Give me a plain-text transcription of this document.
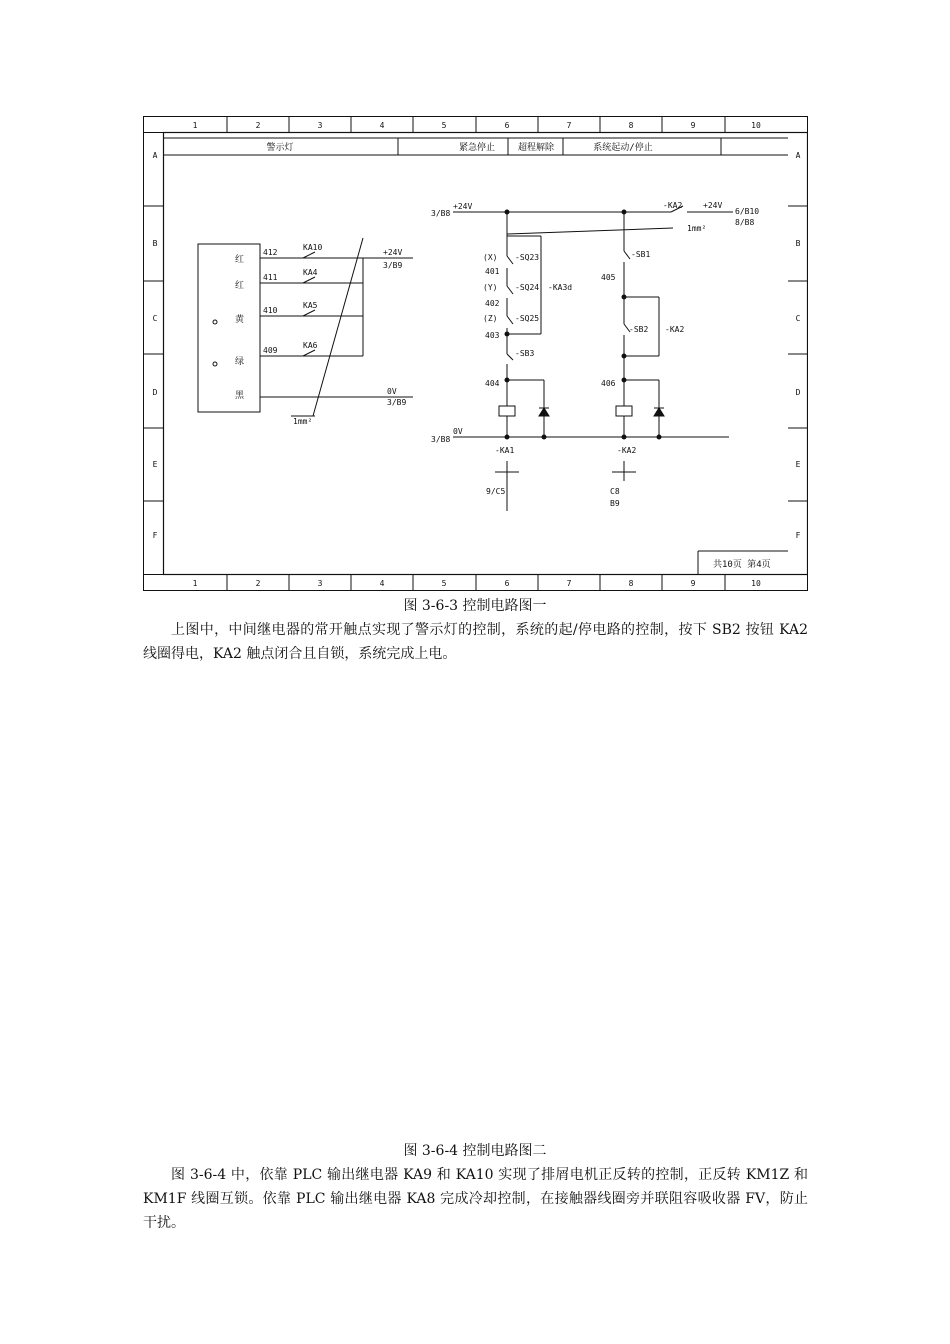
1	2	3	4	5	6	7	8	9	10
1	2	3	4	5	6	7	8	9	10
A
B
C
D
E
F
A
B
C
D
E
F
警示灯	紧急停止	超程解除	系统起动/停止
412
411
410
409
KA10
KA4
KA5
KA6
+24V
3/B9
0V
3/B9
1mm²
红
红
黄
绿
黑
+24V
3/B8
-KA2	+24V
6/B10
8/B8
1mm²
(X)
(Y)
(Z)
-SQ23
-SQ24
-SQ25
-KA3d
401
402
403
-SB3
404
-SB1
405
-SB2 -KA2
406
0V
3/B8
-KA1	-KA2
9/C5	C8
B9
共10页 第4页
图 3-6-3 控制电路图一
上图中，中间继电器的常开触点实现了警示灯的控制，系统的起/停电路的控制，按下 SB2 按钮 KA2 线圈得电，KA2 触点闭合且自锁，系统完成上电。
图 3-6-4 控制电路图二
图 3-6-4 中，依靠 PLC 输出继电器 KA9 和 KA10 实现了排屑电机正反转的控制，正反转 KM1Z 和 KM1F 线圈互锁。依靠 PLC 输出继电器 KA8 完成冷却控制，在接触器线圈旁并联阻容吸收器 FV，防止干扰。
